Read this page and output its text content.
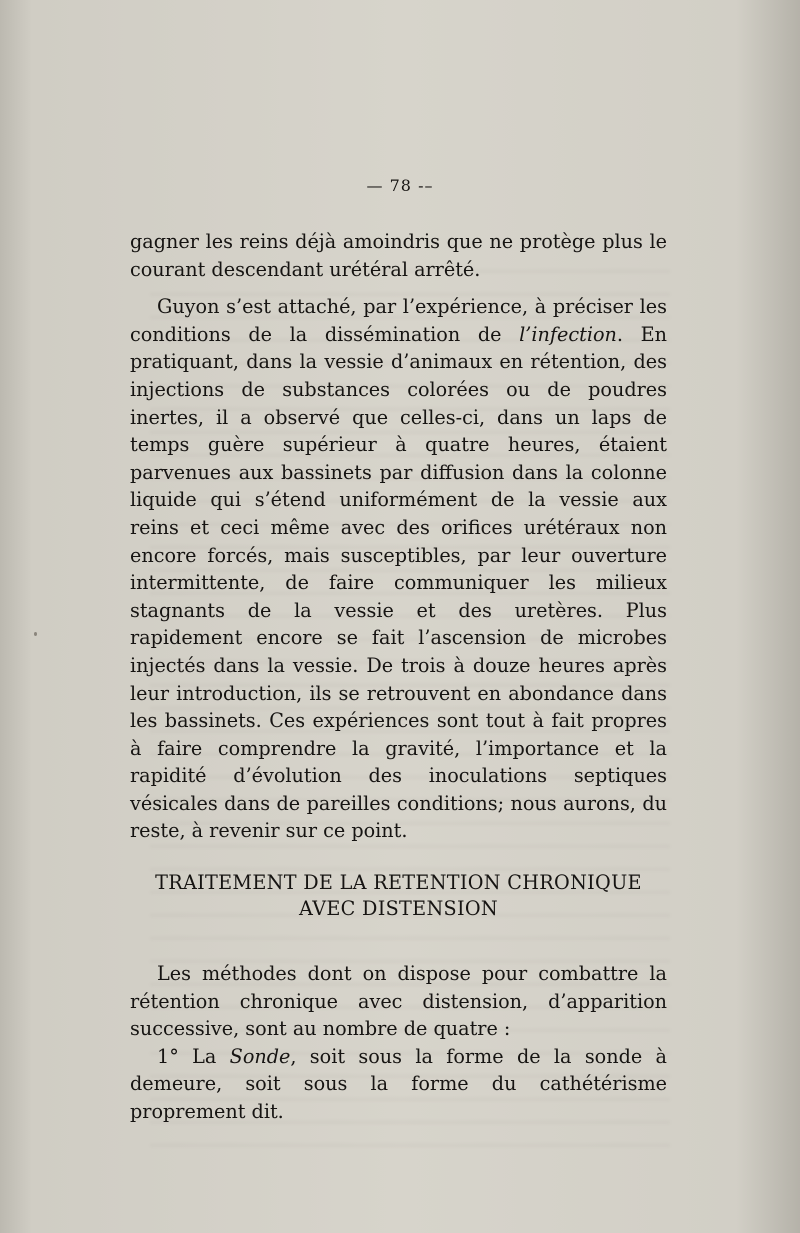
— 78 -–

gagner les reins déjà amoindris que ne protège plus le courant descendant urétéral arrêté.

Guyon s’est attaché, par l’expérience, à préciser les conditions de la dissémination de l’infection. En pratiquant, dans la vessie d’animaux en rétention, des injections de substances colorées ou de poudres inertes, il a observé que celles-ci, dans un laps de temps guère supérieur à quatre heures, étaient parvenues aux bassinets par diffusion dans la colonne liquide qui s’étend uniformément de la vessie aux reins et ceci même avec des orifices urétéraux non encore forcés, mais susceptibles, par leur ouverture intermittente, de faire communiquer les milieux stagnants de la vessie et des uretères. Plus rapidement encore se fait l’ascension de microbes injectés dans la vessie. De trois à douze heures après leur introduction, ils se retrouvent en abondance dans les bassinets. Ces expériences sont tout à fait propres à faire comprendre la gravité, l’importance et la rapidité d’évolution des inoculations septiques vésicales dans de pareilles conditions; nous aurons, du reste, à revenir sur ce point.

TRAITEMENT DE LA RETENTION CHRONIQUE
AVEC DISTENSION

Les méthodes dont on dispose pour combattre la rétention chronique avec distension, d’apparition successive, sont au nombre de quatre :

1° La Sonde, soit sous la forme de la sonde à demeure, soit sous la forme du cathétérisme proprement dit.
